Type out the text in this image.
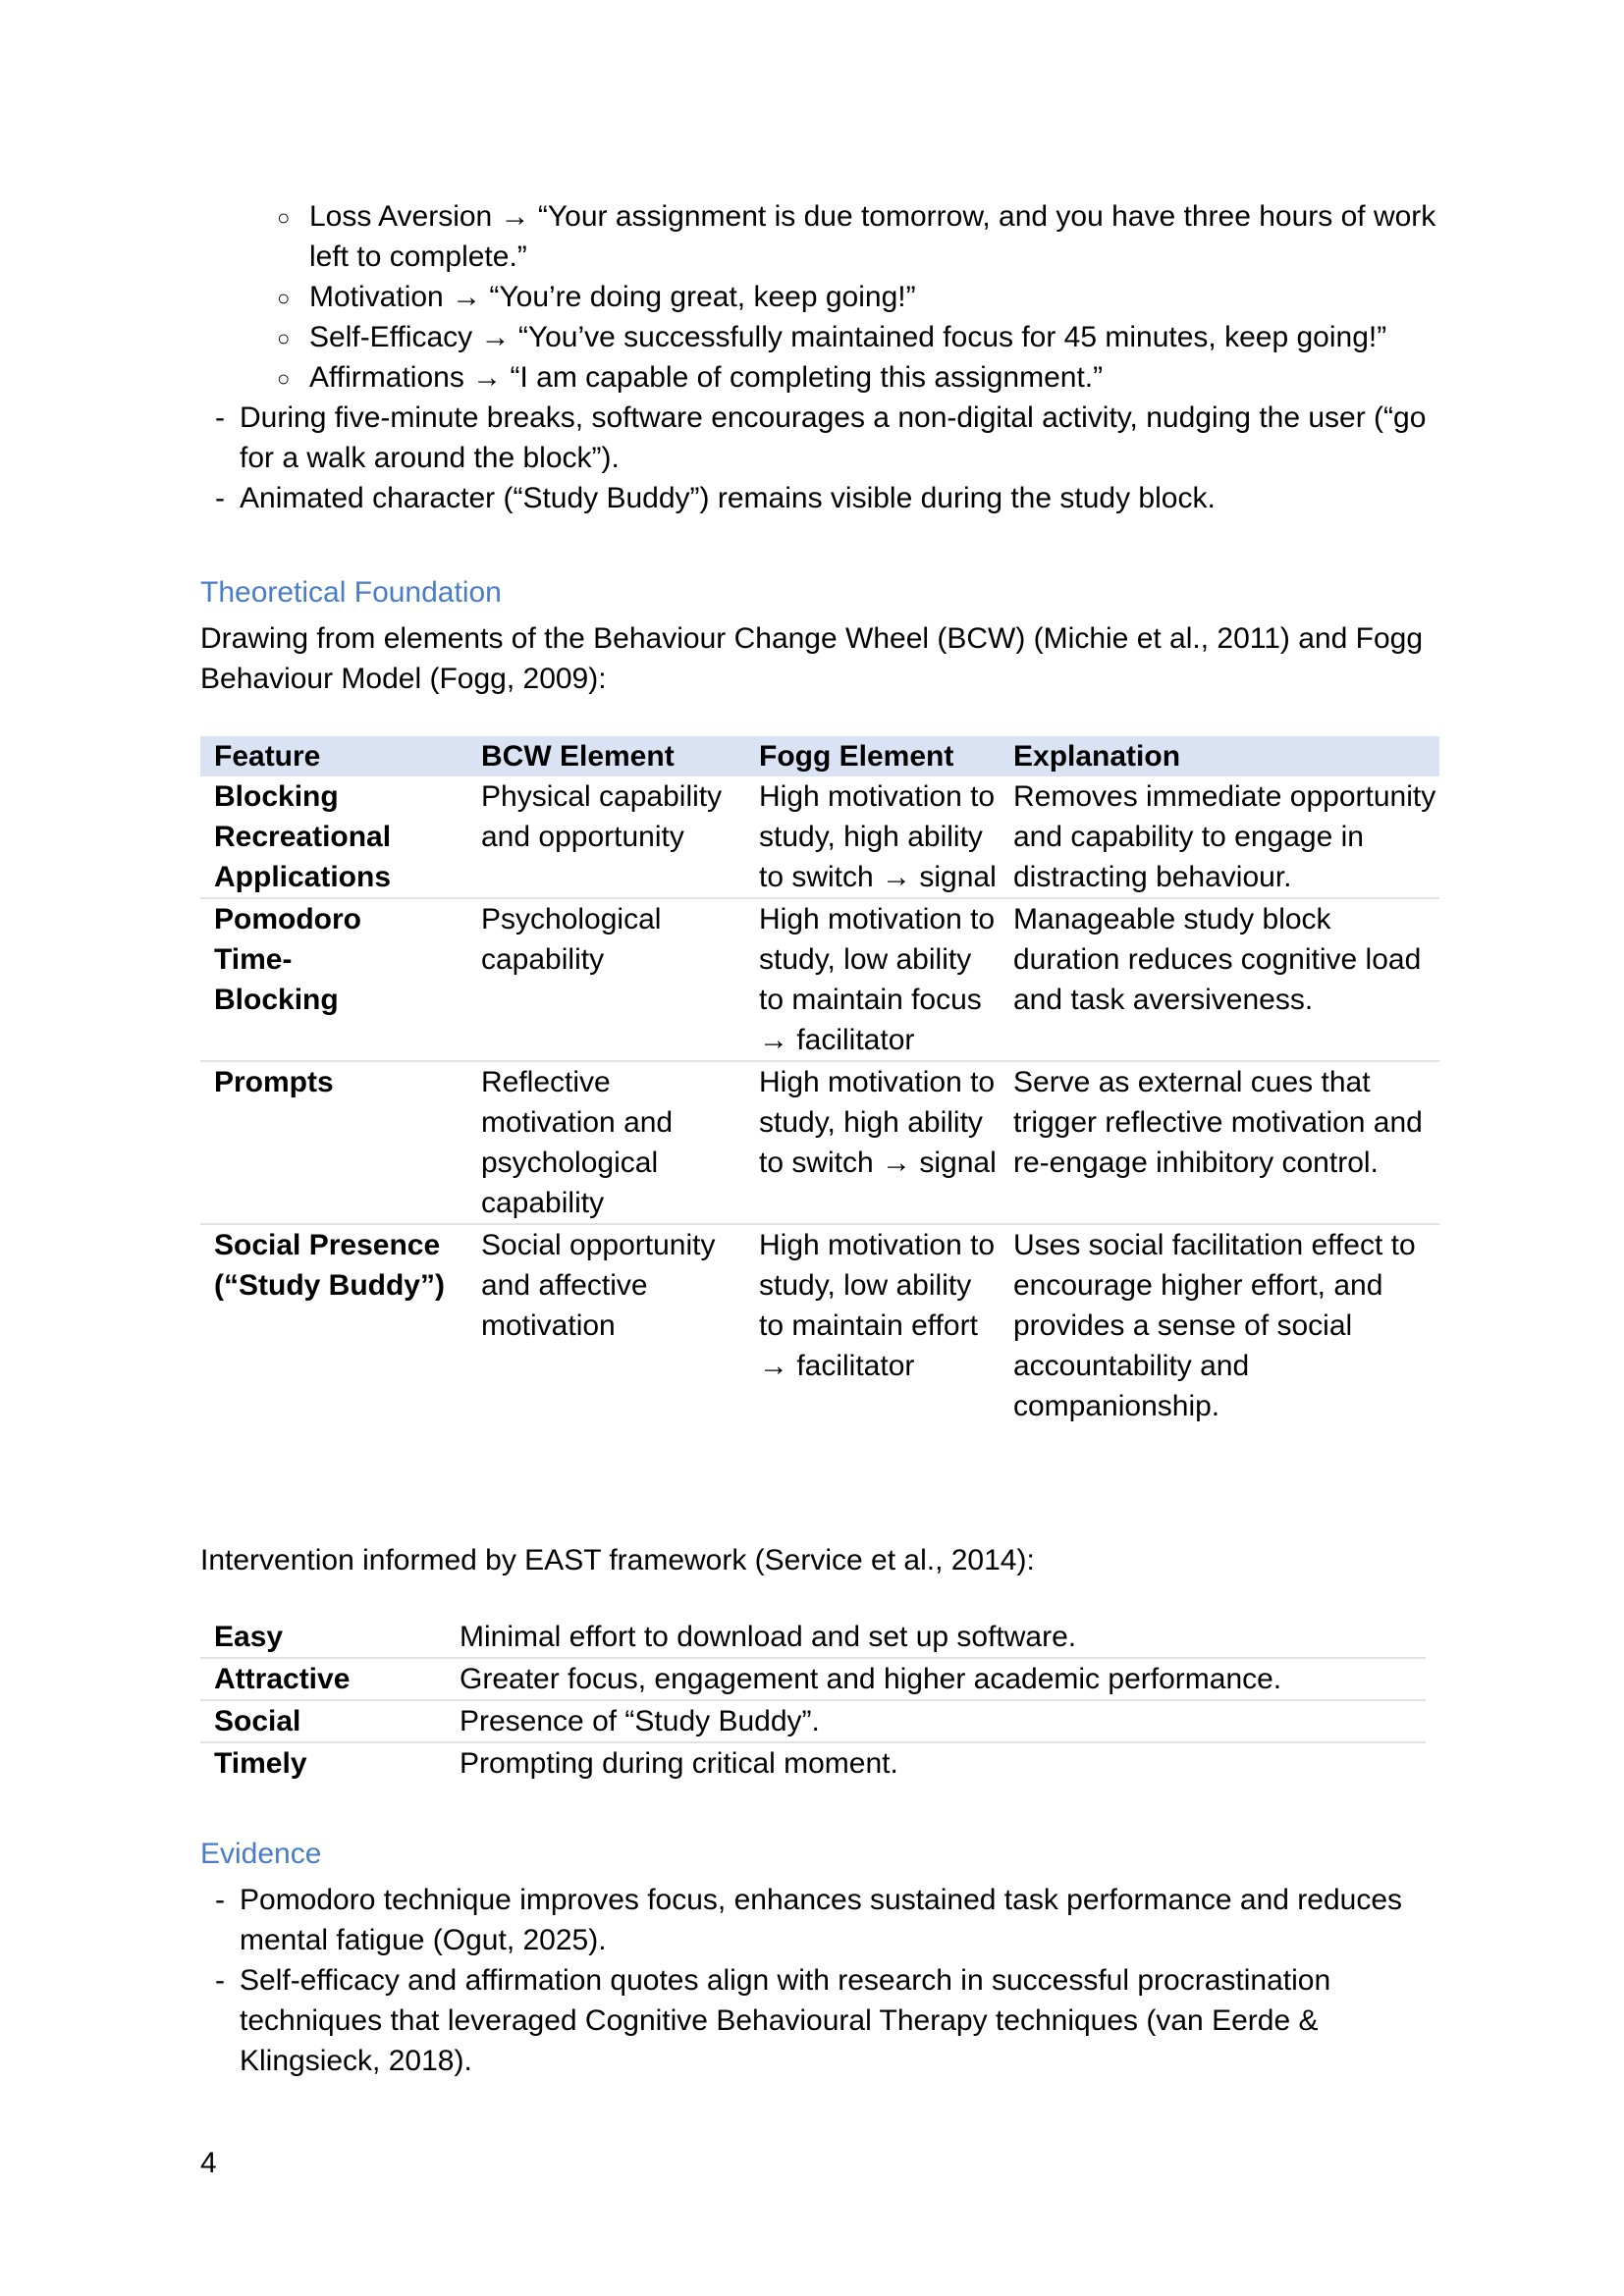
○ Loss Aversion → “Your assignment is due tomorrow, and you have three hours of work left to complete.”
○ Motivation → “You’re doing great, keep going!”
○ Self-Efficacy → “You’ve successfully maintained focus for 45 minutes, keep going!”
○ Affirmations → “I am capable of completing this assignment.”
- During five-minute breaks, software encourages a non-digital activity, nudging the user (“go for a walk around the block”).
- Animated character (“Study Buddy”) remains visible during the study block.
Theoretical Foundation
Drawing from elements of the Behaviour Change Wheel (BCW) (Michie et al., 2011) and Fogg Behaviour Model (Fogg, 2009):
Feature	BCW Element	Fogg Element	Explanation
Blocking Recreational Applications	Physical capability and opportunity	High motivation to study, high ability to switch → signal	Removes immediate opportunity and capability to engage in distracting behaviour.
Pomodoro Time-Blocking	Psychological capability	High motivation to study, low ability to maintain focus → facilitator	Manageable study block duration reduces cognitive load and task aversiveness.
Prompts	Reflective motivation and psychological capability	High motivation to study, high ability to switch → signal	Serve as external cues that trigger reflective motivation and re-engage inhibitory control.
Social Presence (“Study Buddy”)	Social opportunity and affective motivation	High motivation to study, low ability to maintain effort → facilitator	Uses social facilitation effect to encourage higher effort, and provides a sense of social accountability and companionship.
Intervention informed by EAST framework (Service et al., 2014):
Easy	Minimal effort to download and set up software.
Attractive	Greater focus, engagement and higher academic performance.
Social	Presence of “Study Buddy”.
Timely	Prompting during critical moment.
Evidence
- Pomodoro technique improves focus, enhances sustained task performance and reduces mental fatigue (Ogut, 2025).
- Self-efficacy and affirmation quotes align with research in successful procrastination techniques that leveraged Cognitive Behavioural Therapy techniques (van Eerde & Klingsieck, 2018).
4
